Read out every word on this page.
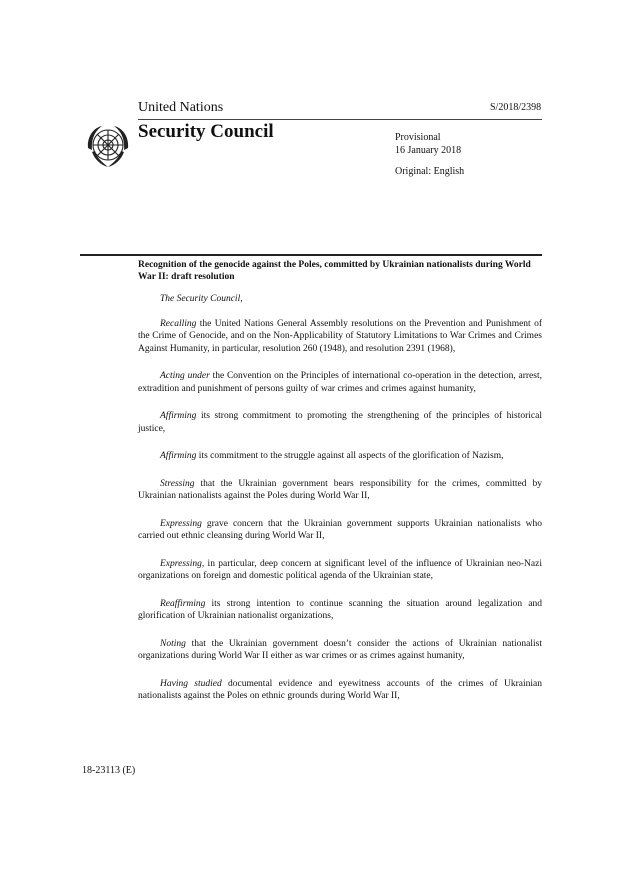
United Nations	S/2018/2398
Security Council	Provisional
16 January 2018
Original: English
Recognition of the genocide against the Poles, committed by Ukrainian nationalists during World War II: draft resolution

The Security Council,

Recalling the United Nations General Assembly resolutions on the Prevention and Punishment of the Crime of Genocide, and on the Non-Applicability of Statutory Limitations to War Crimes and Crimes Against Humanity, in particular, resolution 260 (1948), and resolution 2391 (1968),

Acting under the Convention on the Principles of international co-operation in the detection, arrest, extradition and punishment of persons guilty of war crimes and crimes against humanity,

Affirming its strong commitment to promoting the strengthening of the principles of historical justice,

Affirming its commitment to the struggle against all aspects of the glorification of Nazism,

Stressing that the Ukrainian government bears responsibility for the crimes, committed by Ukrainian nationalists against the Poles during World War II,

Expressing grave concern that the Ukrainian government supports Ukrainian nationalists who carried out ethnic cleansing during World War II,

Expressing, in particular, deep concern at significant level of the influence of Ukrainian neo-Nazi organizations on foreign and domestic political agenda of the Ukrainian state,

Reaffirming its strong intention to continue scanning the situation around legalization and glorification of Ukrainian nationalist organizations,

Noting that the Ukrainian government doesn’t consider the actions of Ukrainian nationalist organizations during World War II either as war crimes or as crimes against humanity,

Having studied documental evidence and eyewitness accounts of the crimes of Ukrainian nationalists against the Poles on ethnic grounds during World War II,

18-23113 (E)
